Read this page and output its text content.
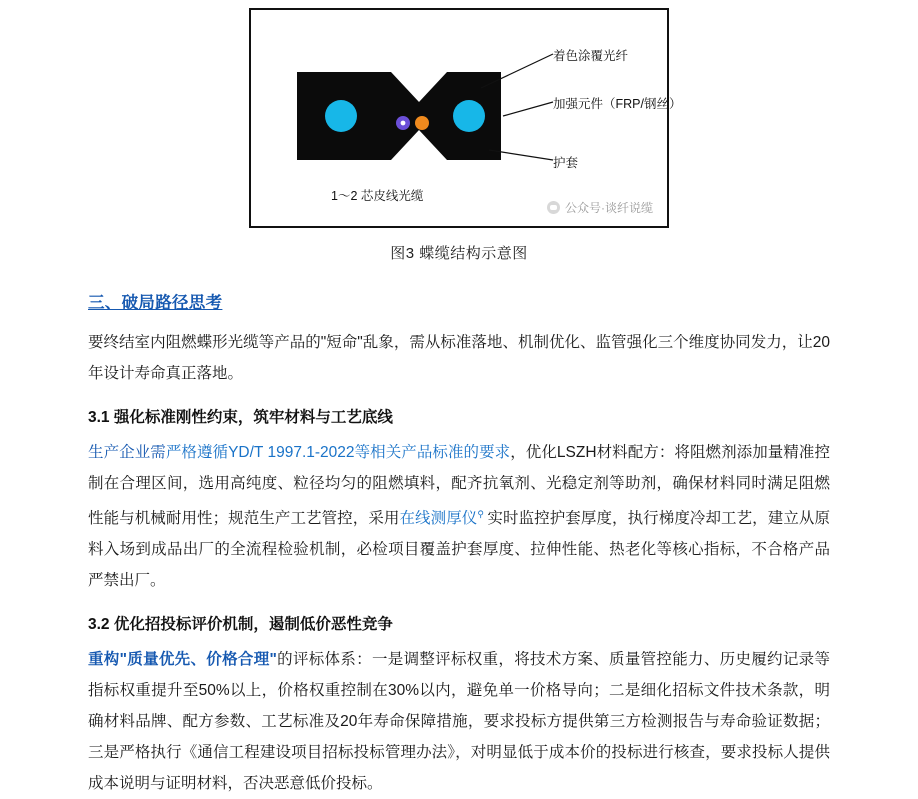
着色涂覆光纤
加强元件（FRP/钢丝）
护套
1～2 芯皮线光缆
公众号·谈纤说缆
图3 蝶缆结构示意图
三、破局路径思考

要终结室内阻燃蝶形光缆等产品的"短命"乱象，需从标准落地、机制优化、监管强化三个维度协同发力，让20年设计寿命真正落地。

3.1 强化标准刚性约束，筑牢材料与工艺底线

生产企业需严格遵循YD/T 1997.1-2022等相关产品标准的要求，优化LSZH材料配方：将阻燃剂添加量精准控制在合理区间，选用高纯度、粒径均匀的阻燃填料，配齐抗氧剂、光稳定剂等助剂，确保材料同时满足阻燃性能与机械耐用性；规范生产工艺管控，采用在线测厚仪⚲ 实时监控护套厚度，执行梯度冷却工艺，建立从原料入场到成品出厂的全流程检验机制，必检项目覆盖护套厚度、拉伸性能、热老化等核心指标，不合格产品严禁出厂。

3.2 优化招投标评价机制，遏制低价恶性竞争

重构"质量优先、价格合理"的评标体系：一是调整评标权重，将技术方案、质量管控能力、历史履约记录等指标权重提升至50%以上，价格权重控制在30%以内，避免单一价格导向；二是细化招标文件技术条款，明确材料品牌、配方参数、工艺标准及20年寿命保障措施，要求投标方提供第三方检测报告与寿命验证数据；三是严格执行《通信工程建设项目招标投标管理办法》，对明显低于成本价的投标进行核查，要求投标人提供成本说明与证明材料，否决恶意低价投标。
